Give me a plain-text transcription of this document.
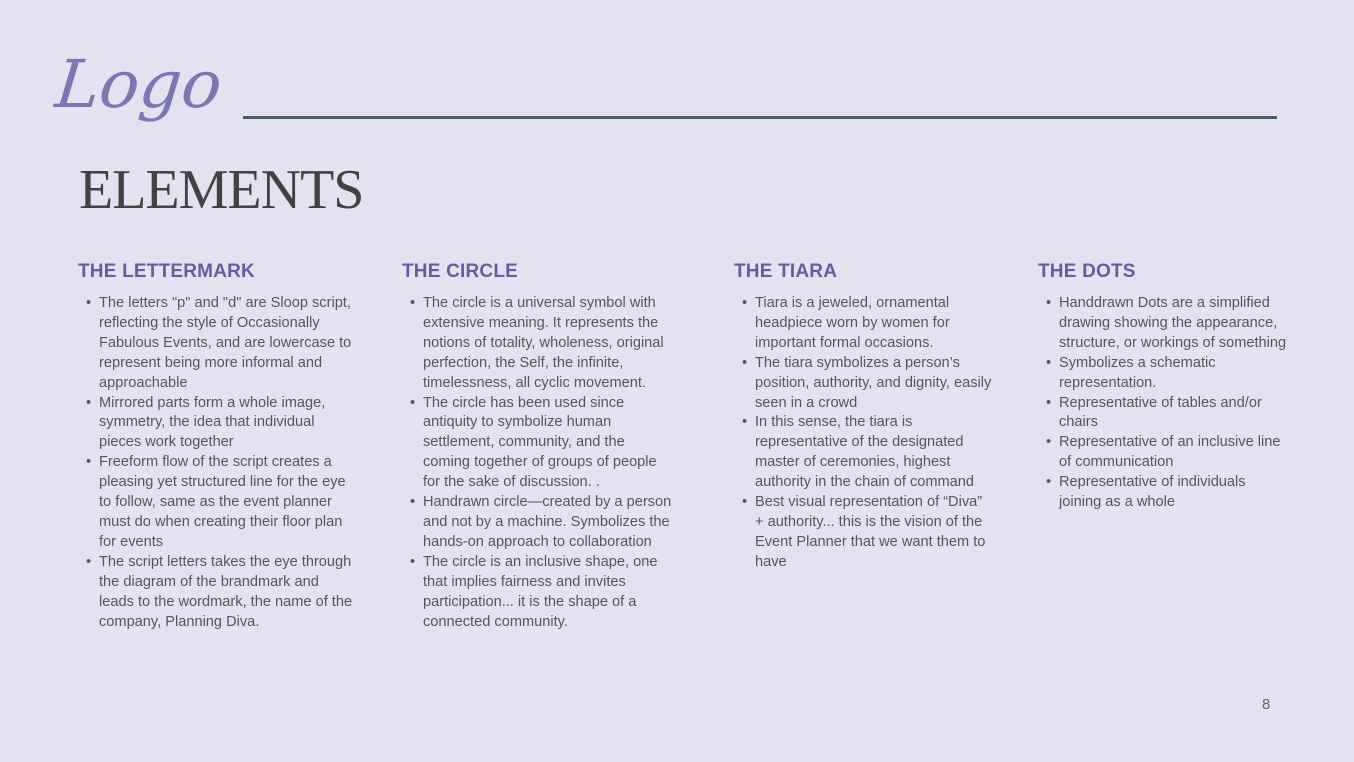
Logo
ELEMENTS
THE LETTERMARK
• The letters "p" and "d" are Sloop script, reflecting the style of Occasionally Fabulous Events, and are lowercase to represent being more informal and approachable
• Mirrored parts form a whole image, symmetry, the idea that individual pieces work together
• Freeform flow of the script creates a pleasing yet structured line for the eye to follow, same as the event planner must do when creating their floor plan for events
• The script letters takes the eye through the diagram of the brandmark and leads to the wordmark, the name of the company, Planning Diva.
THE CIRCLE
• The circle is a universal symbol with extensive meaning. It represents the notions of totality, wholeness, original perfection, the Self, the infinite, timelessness, all cyclic movement.
• The circle has been used since antiquity to symbolize human settlement, community, and the coming together of groups of people for the sake of discussion. .
• Handrawn circle—created by a person and not by a machine. Symbolizes the hands-on approach to collaboration
• The circle is an inclusive shape, one that implies fairness and invites participation... it is the shape of a connected community.
THE TIARA
• Tiara is a jeweled, ornamental headpiece worn by women for important formal occasions.
• The tiara symbolizes a person’s position, authority, and dignity, easily seen in a crowd
• In this sense, the tiara is representative of the designated master of ceremonies, highest authority in the chain of command
• Best visual representation of “Diva” + authority... this is the vision of the Event Planner that we want them to have
THE DOTS
• Handdrawn Dots are a simplified drawing showing the appearance, structure, or workings of something
• Symbolizes a schematic representation.
• Representative of tables and/or chairs
• Representative of an inclusive line of communication
• Representative of individuals joining as a whole
8
